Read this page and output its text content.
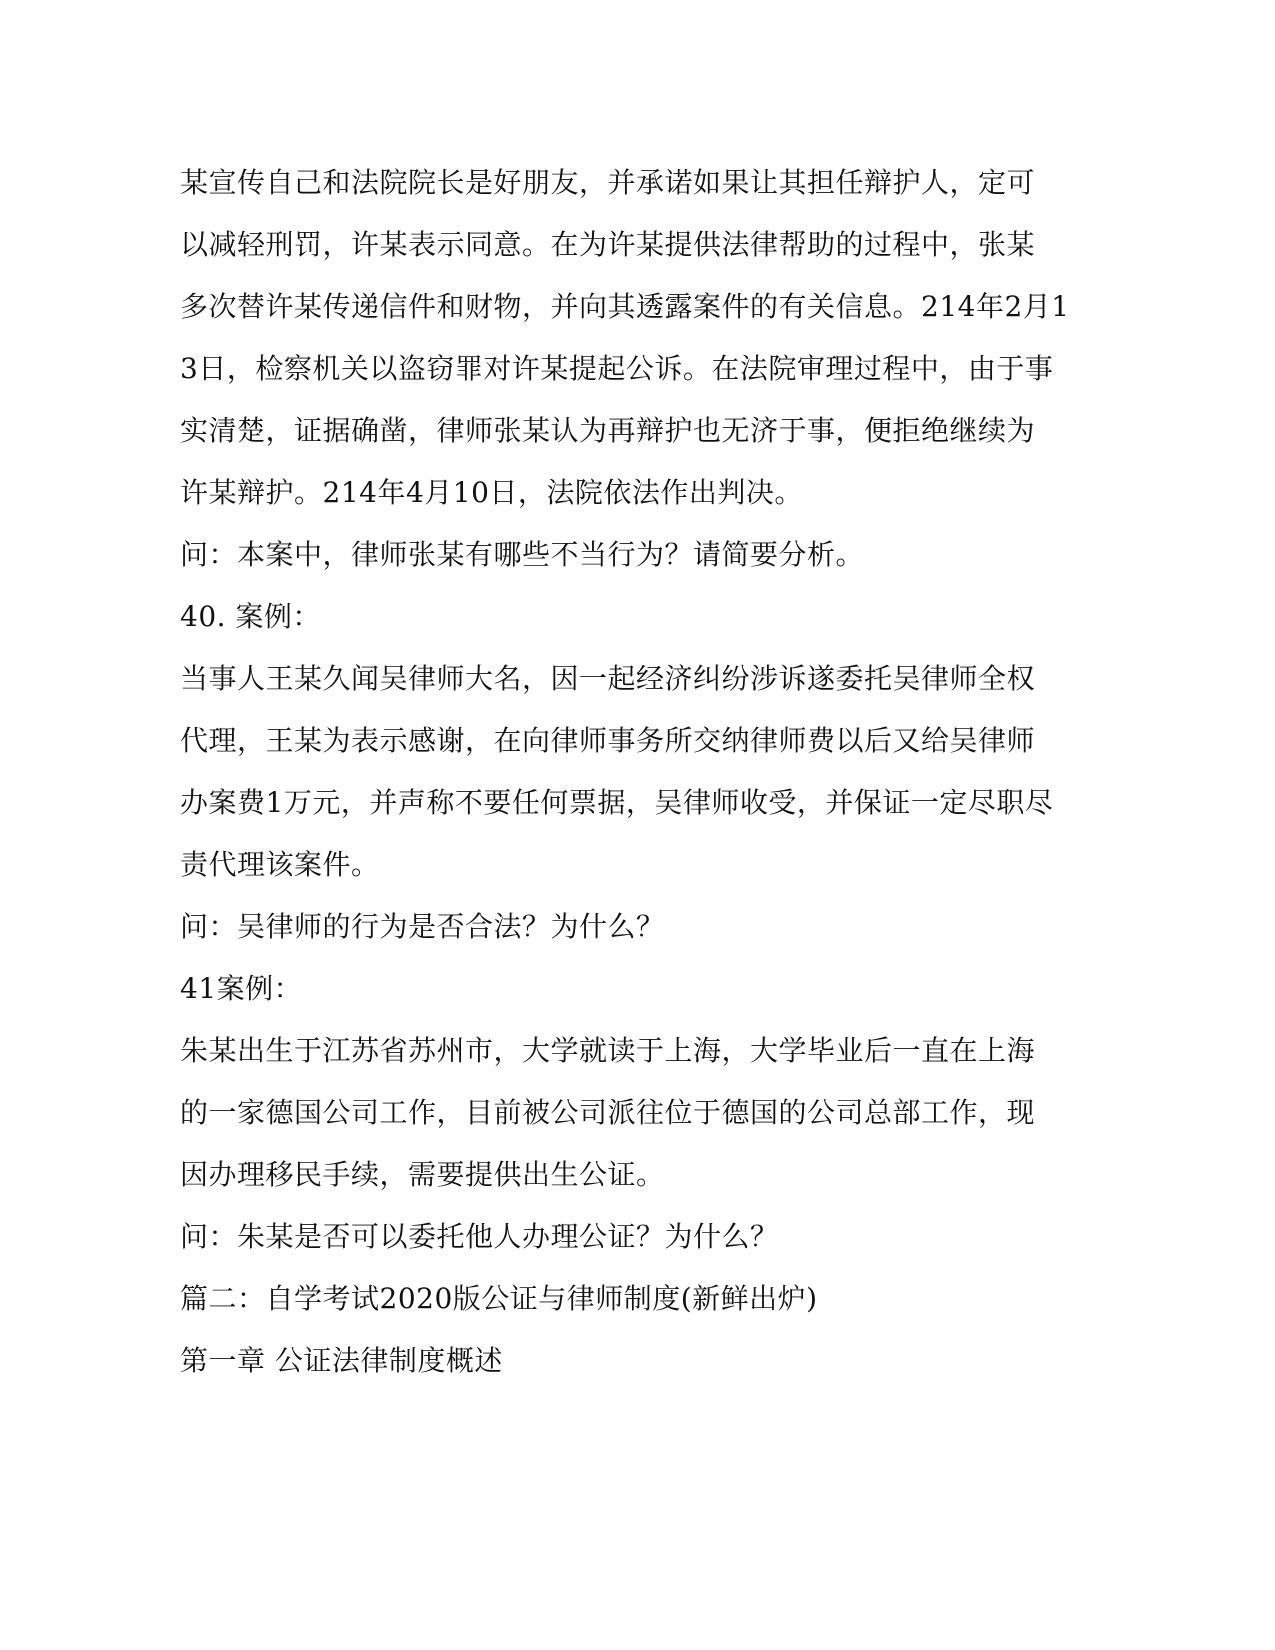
某宣传自己和法院院长是好朋友，并承诺如果让其担任辩护人，定可
以减轻刑罚，许某表示同意。在为许某提供法律帮助的过程中，张某
多次替许某传递信件和财物，并向其透露案件的有关信息。214年2月1
3日，检察机关以盗窃罪对许某提起公诉。在法院审理过程中，由于事
实清楚，证据确凿，律师张某认为再辩护也无济于事，便拒绝继续为
许某辩护。214年4月10日，法院依法作出判决。
问：本案中，律师张某有哪些不当行为？请简要分析。
40. 案例：
当事人王某久闻吴律师大名，因一起经济纠纷涉诉遂委托吴律师全权
代理，王某为表示感谢，在向律师事务所交纳律师费以后又给吴律师
办案费1万元，并声称不要任何票据，吴律师收受，并保证一定尽职尽
责代理该案件。
问：吴律师的行为是否合法？为什么？
41案例：
朱某出生于江苏省苏州市，大学就读于上海，大学毕业后一直在上海
的一家德国公司工作，目前被公司派往位于德国的公司总部工作，现
因办理移民手续，需要提供出生公证。
问：朱某是否可以委托他人办理公证？为什么？
篇二：自学考试2020版公证与律师制度(新鲜出炉)
第一章 公证法律制度概述
